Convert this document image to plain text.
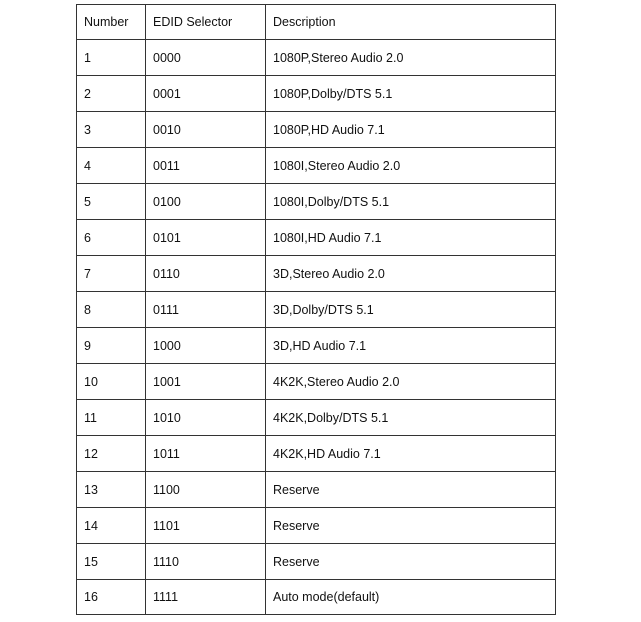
Number	EDID Selector	Description
1	0000	1080P,Stereo Audio 2.0
2	0001	1080P,Dolby/DTS 5.1
3	0010	1080P,HD Audio 7.1
4	0011	1080I,Stereo Audio 2.0
5	0100	1080I,Dolby/DTS 5.1
6	0101	1080I,HD Audio 7.1
7	0110	3D,Stereo Audio 2.0
8	0111	3D,Dolby/DTS 5.1
9	1000	3D,HD Audio 7.1
10	1001	4K2K,Stereo Audio 2.0
11	1010	4K2K,Dolby/DTS 5.1
12	1011	4K2K,HD Audio 7.1
13	1100	Reserve
14	1101	Reserve
15	1110	Reserve
16	1111	Auto mode(default)
